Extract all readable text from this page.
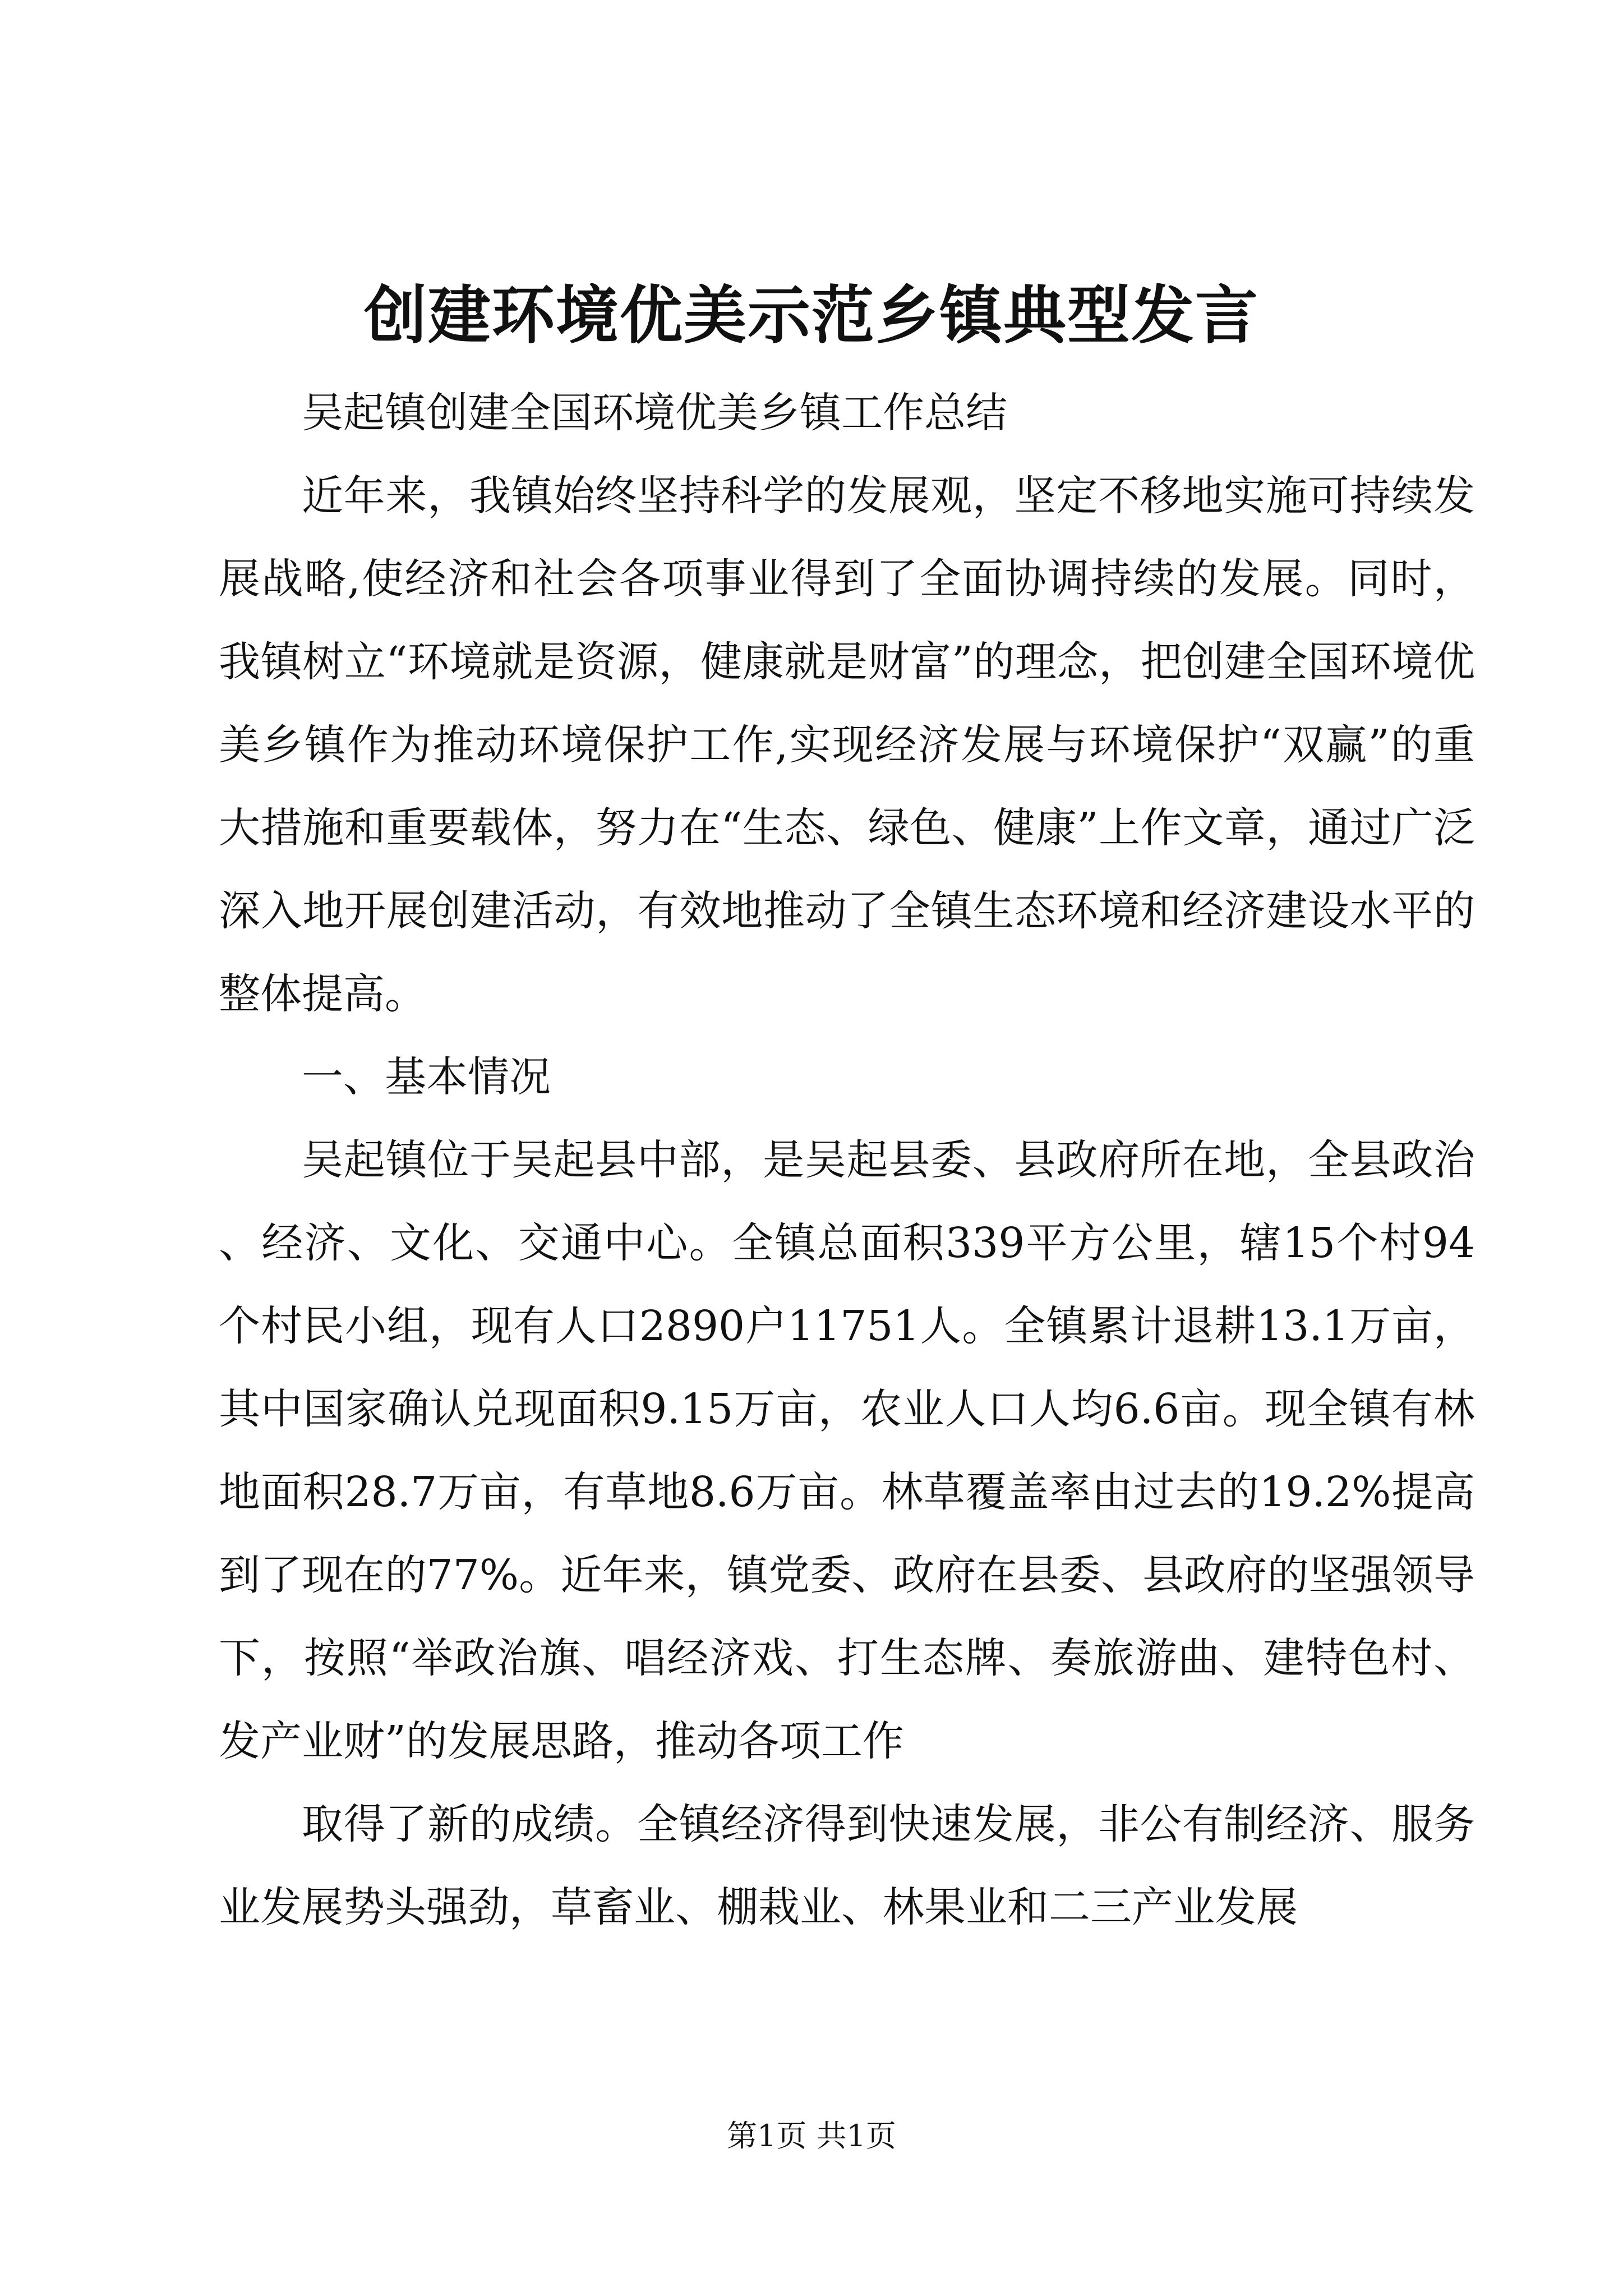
创建环境优美示范乡镇典型发言

吴起镇创建全国环境优美乡镇工作总结

近年来，我镇始终坚持科学的发展观，坚定不移地实施可持续发展战略,使经济和社会各项事业得到了全面协调持续的发展。同时，我镇树立“环境就是资源，健康就是财富”的理念，把创建全国环境优美乡镇作为推动环境保护工作,实现经济发展与环境保护“双赢”的重大措施和重要载体，努力在“生态、绿色、健康”上作文章，通过广泛深入地开展创建活动，有效地推动了全镇生态环境和经济建设水平的整体提高。

一、基本情况

吴起镇位于吴起县中部，是吴起县委、县政府所在地，全县政治、经济、文化、交通中心。全镇总面积339平方公里，辖15个村94个村民小组，现有人口2890户11751人。全镇累计退耕13.1万亩，其中国家确认兑现面积9.15万亩，农业人口人均6.6亩。现全镇有林地面积28.7万亩，有草地8.6万亩。林草覆盖率由过去的19.2%提高到了现在的77%。近年来，镇党委、政府在县委、县政府的坚强领导下，按照“举政治旗、唱经济戏、打生态牌、奏旅游曲、建特色村、发产业财”的发展思路，推动各项工作

取得了新的成绩。全镇经济得到快速发展，非公有制经济、服务业发展势头强劲，草畜业、棚栽业、林果业和二三产业发展

第1页 共1页
